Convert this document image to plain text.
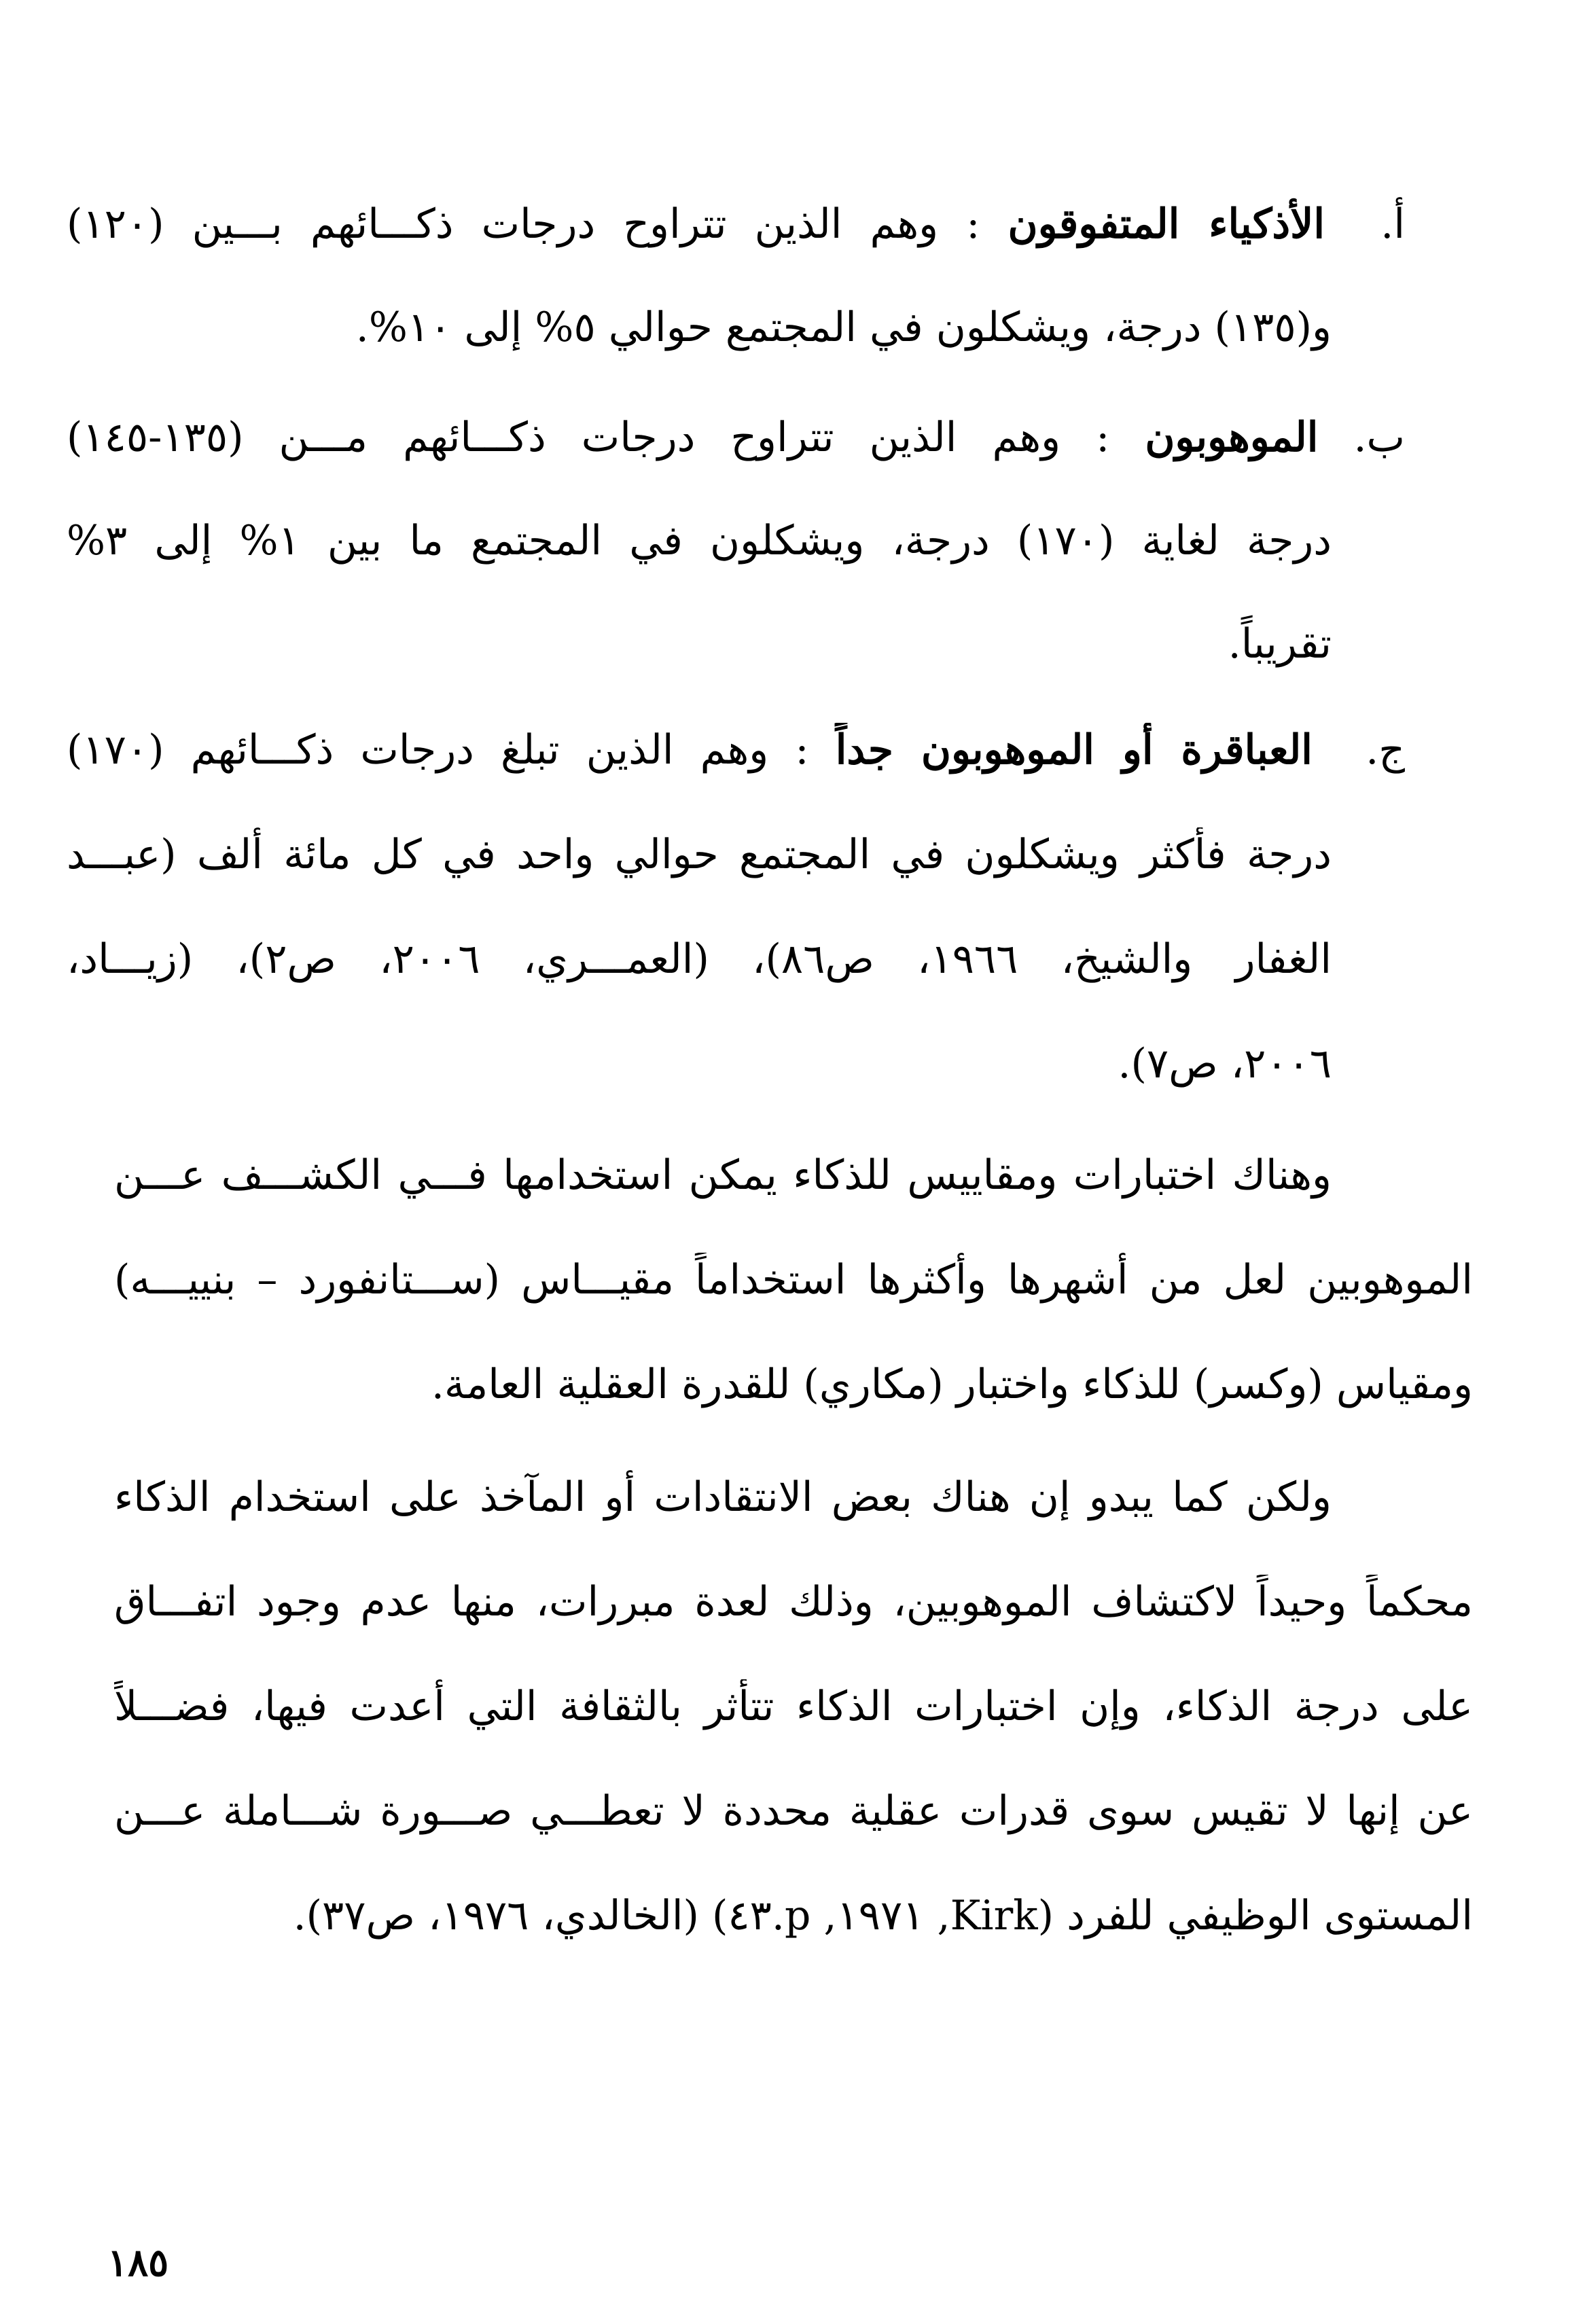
أ.  الأذكياء المتفوقون : وهم الذين تتراوح درجات ذكـــائهم بـــين (١٢٠)
و(١٣٥) درجة، ويشكلون في المجتمع حوالي ٥% إلى ١٠%.
ب. الموهوبون : وهم الذين تتراوح درجات ذكـــائهم مـــن (١٣٥-١٤٥)
درجة لغاية (١٧٠) درجة، ويشكلون في المجتمع ما بين ١% إلى ٣%
تقريباً.
ج.  العباقرة أو الموهوبون جداً : وهم الذين تبلغ درجات ذكـــائهم (١٧٠)
درجة فأكثر ويشكلون في المجتمع حوالي واحد في كل مائة ألف (عبـــد
الغفار والشيخ، ١٩٦٦، ص٨٦)، (العمـــري، ٢٠٠٦، ص٢)، (زيـــاد،
٢٠٠٦، ص٧).
وهناك اختبارات ومقاييس للذكاء يمكن استخدامها فـــي الكشـــف عـــن
الموهوبين لعل من أشهرها وأكثرها استخداماً مقيـــاس (ســـتانفورد – بنييـــه)
ومقياس (وكسر) للذكاء واختبار (مكاري) للقدرة العقلية العامة.
ولكن كما يبدو إن هناك بعض الانتقادات أو المآخذ على استخدام الذكاء
محكماً وحيداً لاكتشاف الموهوبين، وذلك لعدة مبررات، منها عدم وجود اتفـــاق
على درجة الذكاء، وإن اختبارات الذكاء تتأثر بالثقافة التي أعدت فيها، فضـــلاً
عن إنها لا تقيس سوى قدرات عقلية محددة لا تعطـــي صـــورة شـــاملة عـــن
المستوى الوظيفي للفرد (Kirk, ١٩٧١, p.٤٣) (الخالدي، ١٩٧٦، ص٣٧).
١٨٥
